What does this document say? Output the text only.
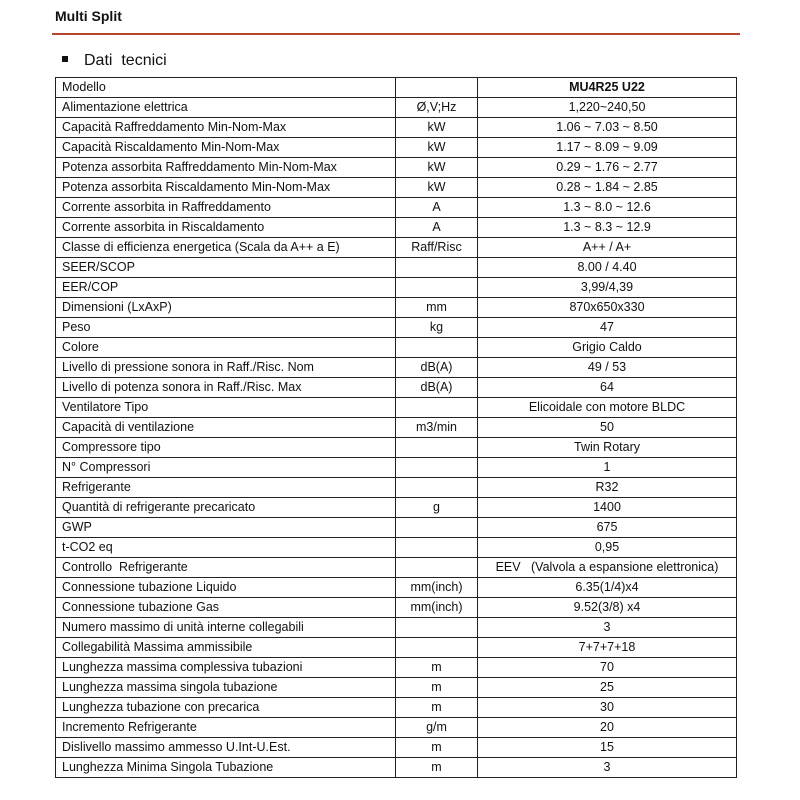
Multi Split
Dati  tecnici
Modello		MU4R25 U22
Alimentazione elettrica	Ø,V;Hz	1,220~240,50
Capacità Raffreddamento Min-Nom-Max	kW	1.06 ~ 7.03 ~ 8.50
Capacità Riscaldamento Min-Nom-Max	kW	1.17 ~ 8.09 ~ 9.09
Potenza assorbita Raffreddamento Min-Nom-Max	kW	0.29 ~ 1.76 ~ 2.77
Potenza assorbita Riscaldamento Min-Nom-Max	kW	0.28 ~ 1.84 ~ 2.85
Corrente assorbita in Raffreddamento	A	1.3 ~ 8.0 ~ 12.6
Corrente assorbita in Riscaldamento	A	1.3 ~ 8.3 ~ 12.9
Classe di efficienza energetica (Scala da A++ a E)	Raff/Risc	A++ / A+
SEER/SCOP		8.00 / 4.40
EER/COP		3,99/4,39
Dimensioni (LxAxP)	mm	870x650x330
Peso	kg	47
Colore		Grigio Caldo
Livello di pressione sonora in Raff./Risc. Nom	dB(A)	49 / 53
Livello di potenza sonora in Raff./Risc. Max	dB(A)	64
Ventilatore Tipo		Elicoidale con motore BLDC
Capacità di ventilazione	m3/min	50
Compressore tipo		Twin Rotary
N° Compressori		1
Refrigerante		R32
Quantità di refrigerante precaricato	g	1400
GWP		675
t-CO2 eq		0,95
Controllo  Refrigerante		EEV   (Valvola a espansione elettronica)
Connessione tubazione Liquido	mm(inch)	6.35(1/4)x4
Connessione tubazione Gas	mm(inch)	9.52(3/8) x4
Numero massimo di unità interne collegabili		3
Collegabilità Massima ammissibile		7+7+7+18
Lunghezza massima complessiva tubazioni	m	70
Lunghezza massima singola tubazione	m	25
Lunghezza tubazione con precarica	m	30
Incremento Refrigerante	g/m	20
Dislivello massimo ammesso U.Int-U.Est.	m	15
Lunghezza Minima Singola Tubazione	m	3
